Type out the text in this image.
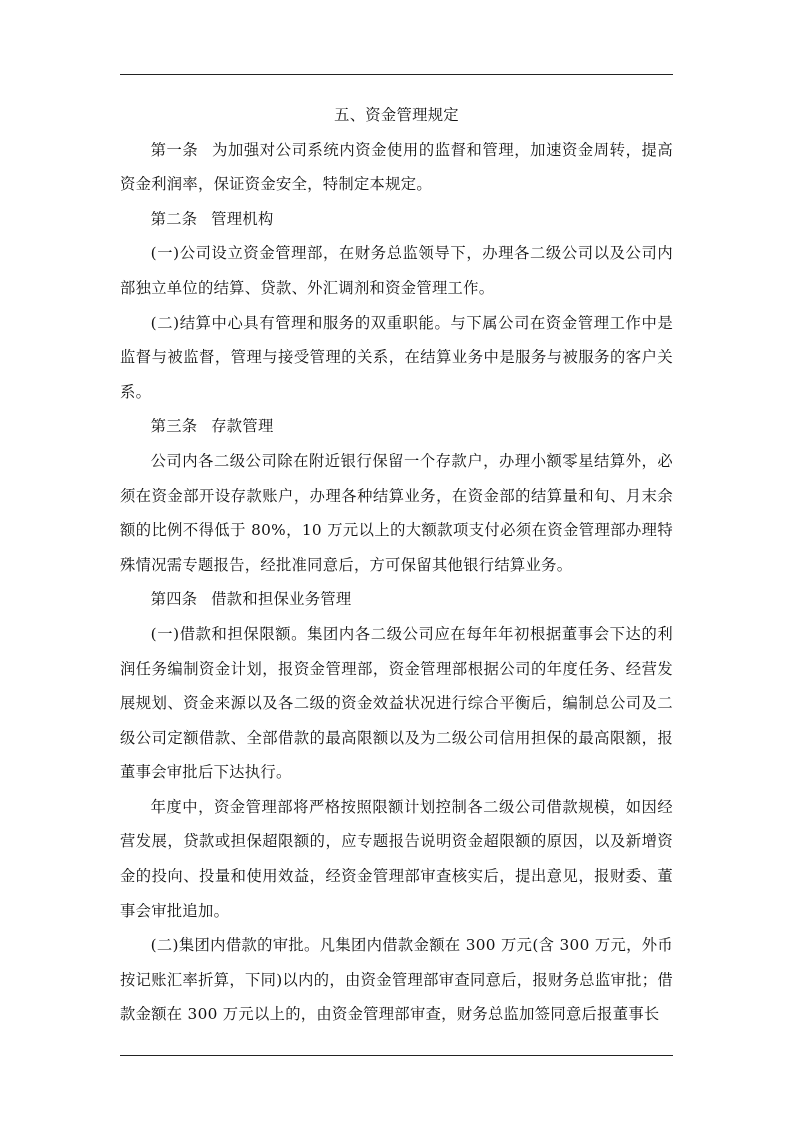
五、资金管理规定

第一条 为加强对公司系统内资金使用的监督和管理，加速资金周转，提高资金利润率，保证资金安全，特制定本规定。

第二条 管理机构

(一)公司设立资金管理部，在财务总监领导下，办理各二级公司以及公司内部独立单位的结算、贷款、外汇调剂和资金管理工作。

(二)结算中心具有管理和服务的双重职能。与下属公司在资金管理工作中是监督与被监督，管理与接受管理的关系，在结算业务中是服务与被服务的客户关系。

第三条 存款管理

公司内各二级公司除在附近银行保留一个存款户，办理小额零星结算外，必须在资金部开设存款账户，办理各种结算业务，在资金部的结算量和旬、月末余额的比例不得低于 80%，10 万元以上的大额款项支付必须在资金管理部办理特殊情况需专题报告，经批准同意后，方可保留其他银行结算业务。

第四条 借款和担保业务管理

(一)借款和担保限额。集团内各二级公司应在每年年初根据董事会下达的利润任务编制资金计划，报资金管理部，资金管理部根据公司的年度任务、经营发展规划、资金来源以及各二级的资金效益状况进行综合平衡后，编制总公司及二级公司定额借款、全部借款的最高限额以及为二级公司信用担保的最高限额，报董事会审批后下达执行。

年度中，资金管理部将严格按照限额计划控制各二级公司借款规模，如因经营发展，贷款或担保超限额的，应专题报告说明资金超限额的原因，以及新增资金的投向、投量和使用效益，经资金管理部审查核实后，提出意见，报财委、董事会审批追加。

(二)集团内借款的审批。凡集团内借款金额在 300 万元(含 300 万元，外币按记账汇率折算，下同)以内的，由资金管理部审查同意后，报财务总监审批；借款金额在 300 万元以上的，由资金管理部审查，财务总监加签同意后报董事长
